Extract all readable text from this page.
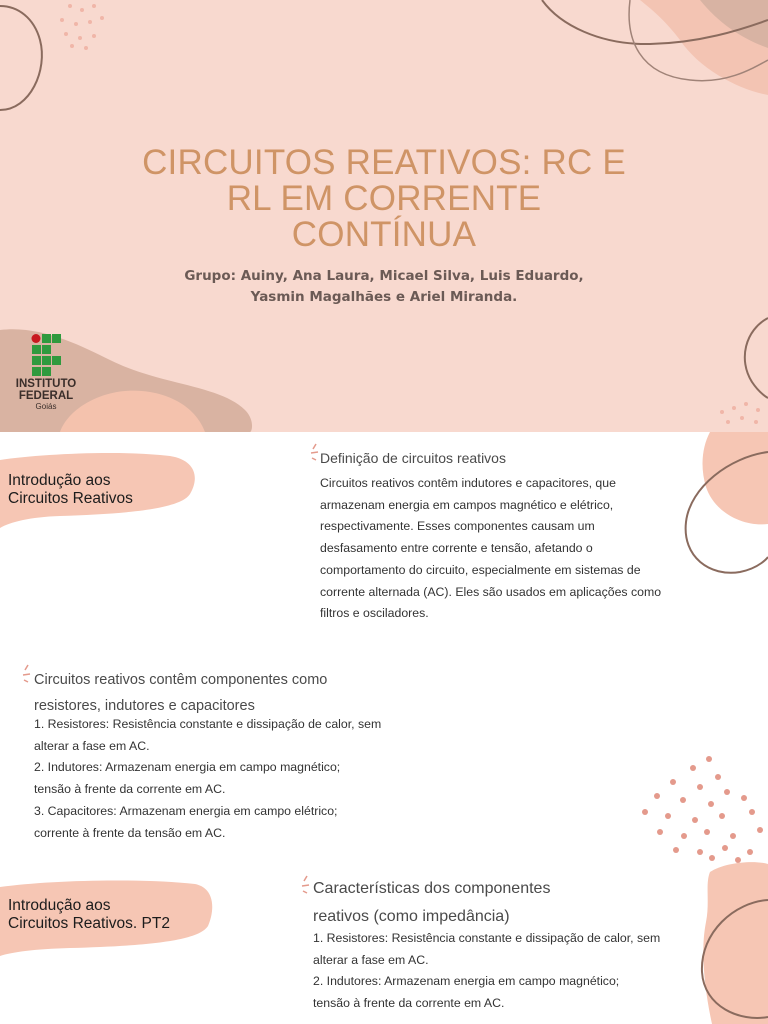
CIRCUITOS REATIVOS: RC E
RL EM CORRENTE
CONTÍNUA
Grupo: Auiny, Ana Laura, Micael Silva, Luis Eduardo,
Yasmin Magalhães e Ariel Miranda.
INSTITUTO
FEDERAL
Goiás
Introdução aos
Circuitos Reativos
Definição de circuitos reativos
Circuitos reativos contêm indutores e capacitores, que
armazenam energia em campos magnético e elétrico,
respectivamente. Esses componentes causam um
desfasamento entre corrente e tensão, afetando o
comportamento do circuito, especialmente em sistemas de
corrente alternada (AC). Eles são usados em aplicações como
filtros e osciladores.
Circuitos reativos contêm componentes como
resistores, indutores e capacitores
1. Resistores: Resistência constante e dissipação de calor, sem
alterar a fase em AC.
2. Indutores: Armazenam energia em campo magnético;
tensão à frente da corrente em AC.
3. Capacitores: Armazenam energia em campo elétrico;
corrente à frente da tensão em AC.
Introdução aos
Circuitos Reativos. PT2
Características dos componentes
reativos (como impedância)
1. Resistores: Resistência constante e dissipação de calor, sem
alterar a fase em AC.
2. Indutores: Armazenam energia em campo magnético;
tensão à frente da corrente em AC.
